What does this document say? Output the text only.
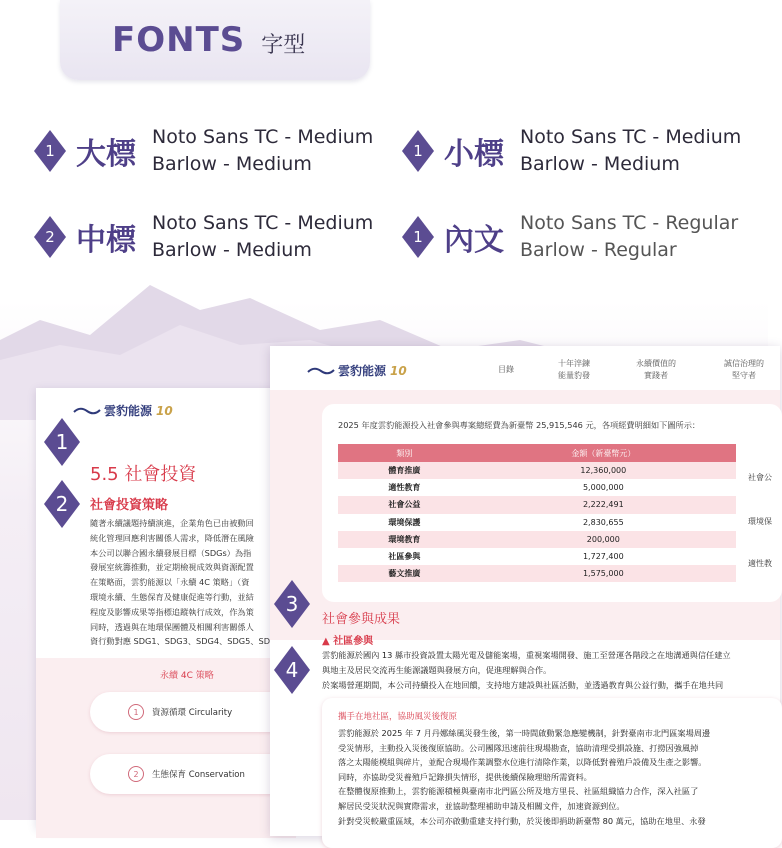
FONTS 字型
1 大標 Noto Sans TC - Medium
Barlow - Medium
1 小標 Noto Sans TC - Medium
Barlow - Medium
2 中標 Noto Sans TC - Medium
Barlow - Medium
1 內文 Noto Sans TC - Regular
Barlow - Regular
雲豹能源 10
5.5 社會投資
社會投資策略
隨著永續議題持續演進，企業角色已由被動回
統化管理回應利害關係人需求，降低潛在風險
本公司以聯合國永續發展目標（SDGs）為指
發展室統籌推動，並定期檢視成效與資源配置
在策略面，雲豹能源以「永續 4C 策略」（資
環境永續、生態保育及健康促進等行動，並結
程度及影響成果等指標追蹤執行成效，作為策
同時，透過與在地環保團體及相關利害關係人
資行動對應 SDG1、SDG3、SDG4、SDG5、SD
永續 4C 策略
1	資源循環 Circularity
2	生態保育 Conservation
雲豹能源 10	目錄
十年淬鍊
能量豹發
永續價值的
實踐者
誠信治理的
堅守者
2025 年度雲豹能源投入社會參與專案總經費為新臺幣 25,915,546 元，各項經費明細如下圖所示：
類別	金額（新臺幣元）
體育推廣	12,360,000
適性教育	5,000,000
社會公益	2,222,491
環境保護	2,830,655
環境教育	200,000
社區參與	1,727,400
藝文推廣	1,575,000
社會公
環境保
適性教
社會參與成果
▲ 社區參與
雲豹能源於國內 13 縣市投資設置太陽光電及儲能案場，重視案場開發、施工至營運各階段之在地溝通與信任建立
與地主及居民交流再生能源議題與發展方向，促進理解與合作。
於案場營運期間，本公司持續投入在地回饋，支持地方建設與社區活動，並透過教育與公益行動，攜手在地共同
攜手在地社區，協助風災後復原
雲豹能源於 2025 年 7 月丹娜絲風災發生後，第一時間啟動緊急應變機制，針對臺南市北門區案場周邊
受災情形，主動投入災後復原協助。公司團隊迅速前往現場勘查，協助清理受損設施、打撈因強風掉
落之太陽能模組與碎片，並配合現場作業調整水位進行清除作業，以降低對養殖戶設備及生產之影響。
同時，亦協助受災養殖戶記錄損失情形，提供後續保險理賠所需資料。
在整體復原推動上，雲豹能源積極與臺南市北門區公所及地方里長、社區組織協力合作，深入社區了
解居民受災狀況與實際需求，並協助整理補助申請及相關文件，加速資源到位。
針對受災較嚴重區域，本公司亦啟動重建支持行動，於災後即捐助新臺幣 80 萬元，協助在地里、永發
1
2
3
4
